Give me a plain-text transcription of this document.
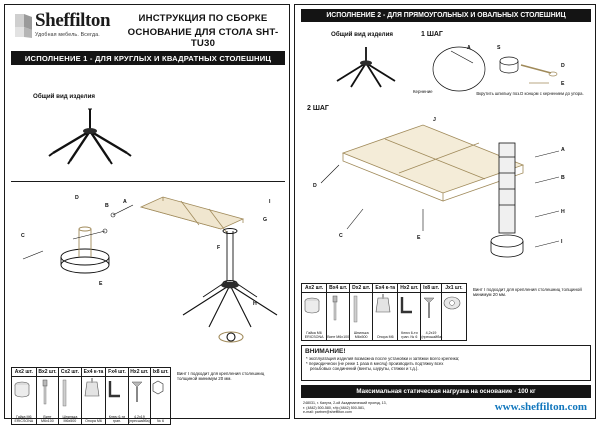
Sheffilton
Удобная мебель. Всегда.
ИНСТРУКЦИЯ ПО СБОРКЕ
ОСНОВАНИЕ ДЛЯ СТОЛА SHT-TU30
ИСПОЛНЕНИЕ 1 - ДЛЯ КРУГЛЫХ И КВАДРАТНЫХ СТОЛЕШНИЦ
Общий вид изделия
A
B
C
D
E
F
G
H
I
Ax2 шт.	Bx2 шт.	Cx2 шт.	Ex4 к-та	Fx4 шт.	Hx2 шт.	Ix8 шт.

Гайка М6 ERICSONA	Винт М6х100	Шпилька М6х500	Опора М6	Ключ 6-ти гран.	4,2х19 (пресшайба)	№ 6
Винт I подходит для крепления столешниц толщиной минимум 20 мм.
ИСПОЛНЕНИЕ 2 - ДЛЯ ПРЯМОУГОЛЬНЫХ И ОВАЛЬНЫХ СТОЛЕШНИЦ
Общий вид изделия	1 ШАГ
2 ШАГ
A	S
D
E
Кернение	Вкрутить шпильку поз.D концом с кернением до упора.
D
E
C
A
B
H
I
J
Ax2 шт.	Bx4 шт.	Dx2 шт.	Ex4 к-та	Hx2 шт.	Ix8 шт.	Jx1 шт.

Гайка М6 ERICSONA	Винт М6х100	Шпилька М6х500	Опора М6	Ключ 6-ти гран. № 6	4,2х19 (пресшайба)

Винт I подходит для крепления столешниц толщиной минимум 20 мм.
ВНИМАНИЕ!
* эксплуатация изделия возможна после установки и затяжки всего крепежа;
* периодически (не реже 1 раза в месяц) производить подтяжку всех
резьбовых соединений (винты, шурупы, стяжки и т.д.).
Максимальная статическая нагрузка на основание - 100 кг
248031, г. Калуга, 2-ой Академический проезд, 13,
т. (4842) 500-580, т/ф (4842) 500-581,
e-mail: partner@sheffilton.com	www.sheffilton.com
